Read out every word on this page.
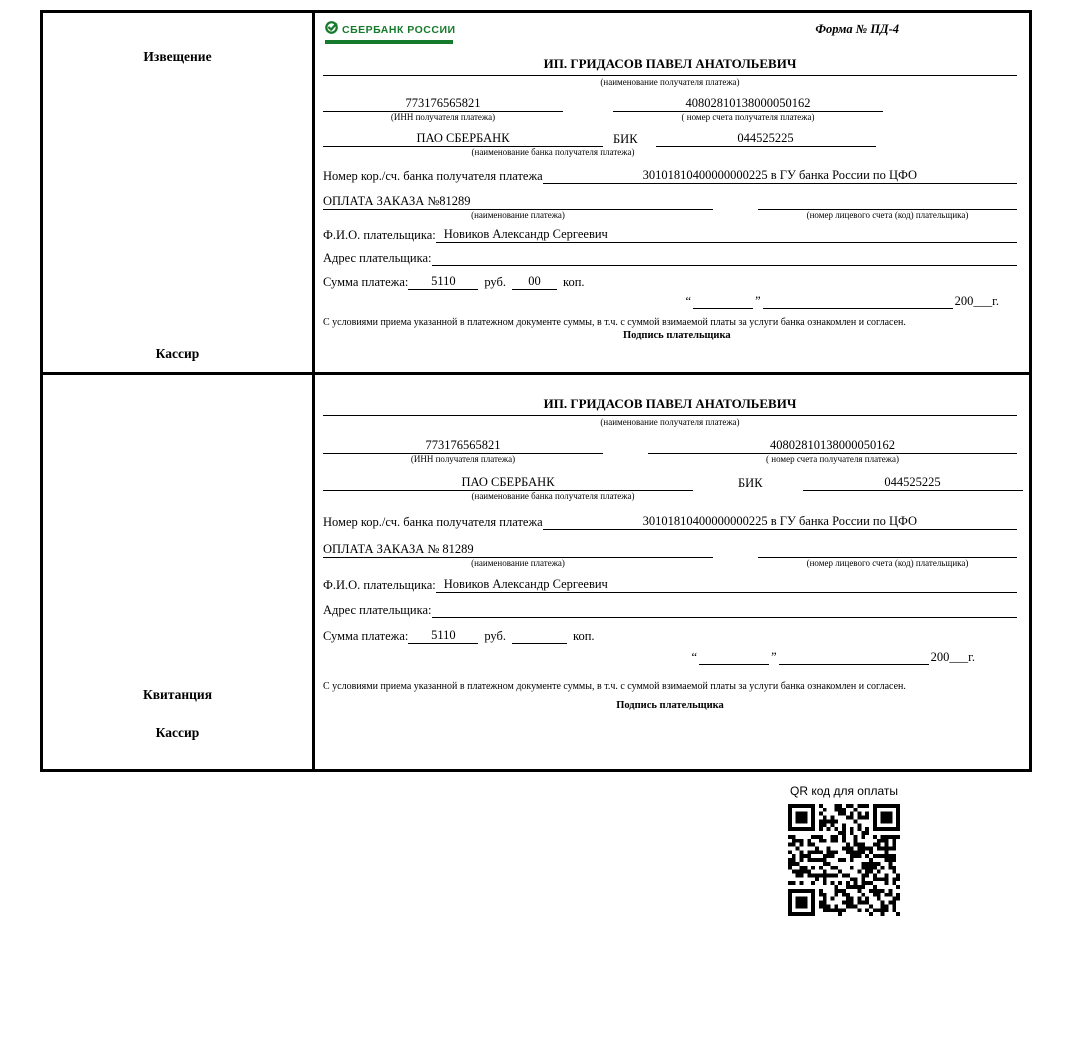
Извещение
Кассир
СБЕРБАНК РОССИИ	Форма № ПД-4
ИП. ГРИДАСОВ ПАВЕЛ АНАТОЛЬЕВИЧ
(наименование получателя платежа)
773176565821	40802810138000050162
(ИНН получателя платежа)	( номер счета получателя платежа)
ПАО СБЕРБАНК	БИК	044525225
(наименование банка получателя платежа)
Номер кор./сч. банка получателя платежа	30101810400000000225 в ГУ банка России по ЦФО
ОПЛАТА ЗАКАЗА №81289
(наименование платежа)	(номер лицевого счета (код) плательщика)
Ф.И.О. плательщика: Новиков Александр Сергеевич
Адрес плательщика:
Сумма платежа:	5110	руб.	00	коп.
“	”	200___г.
С условиями приема указанной в платежном документе суммы, в т.ч. с суммой взимаемой платы за услуги банка ознакомлен и согласен.
Подпись плательщика
Квитанция
Кассир
ИП. ГРИДАСОВ ПАВЕЛ АНАТОЛЬЕВИЧ
(наименование получателя платежа)
773176565821	40802810138000050162
(ИНН получателя платежа)	( номер счета получателя платежа)
ПАО СБЕРБАНК	БИК	044525225
(наименование банка получателя платежа)
Номер кор./сч. банка получателя платежа	30101810400000000225 в ГУ банка России по ЦФО
ОПЛАТА ЗАКАЗА № 81289
(наименование платежа)	(номер лицевого счета (код) плательщика)
Ф.И.О. плательщика: Новиков Александр Сергеевич
Адрес плательщика:
Сумма платежа:	5110	руб.	коп.
“	”	200___г.
С условиями приема указанной в платежном документе суммы, в т.ч. с суммой взимаемой платы за услуги банка ознакомлен и согласен.
Подпись плательщика
QR код для оплаты
